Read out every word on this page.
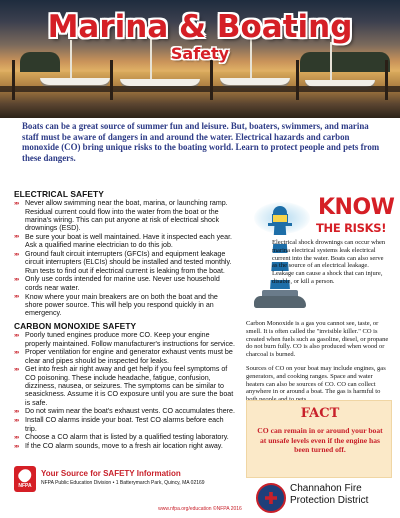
Marina & Boating
Safety
Boats can be a great source of summer fun and leisure. But, boaters, swimmers, and marina staff must be aware of dangers in and around the water. Electrical hazards and carbon monoxide (CO) bring unique risks to the boating world. Learn to protect people and pets from these dangers.
ELECTRICAL SAFETY
»» Never allow swimming near the boat, marina, or launching ramp. Residual current could flow into the water from the boat or the marina's wiring. This can put anyone at risk of electrical shock drownings (ESD).
»» Be sure your boat is well maintained. Have it inspected each year. Ask a qualified marine electrician to do this job.
»» Ground fault circuit interrupters (GFCIs) and equipment leakage circuit interrupters (ELCIs) should be installed and tested monthly. Run tests to find out if electrical current is leaking from the boat.
»» Only use cords intended for marine use. Never use household cords near water.
»» Know where your main breakers are on both the boat and the shore power source. This will help you respond quickly in an emergency.
CARBON MONOXIDE SAFETY
»» Poorly tuned engines produce more CO. Keep your engine properly maintained. Follow manufacturer's instructions for service.
»» Proper ventilation for engine and generator exhaust vents must be clear and pipes should be inspected for leaks.
»» Get into fresh air right away and get help if you feel symptoms of CO poisoning. These include headache, fatigue, confusion, dizziness, nausea, or seizures. The symptoms can be similar to seasickness. Assume it is CO exposure until you are sure the boat is safe.
»» Do not swim near the boat's exhaust vents. CO accumulates there.
»» Install CO alarms inside your boat. Test CO alarms before each trip.
»» Choose a CO alarm that is listed by a qualified testing laboratory.
»» If the CO alarm sounds, move to a fresh air location right away.
KNOW
THE RISKS!
Electrical shock drownings can occur when marina electrical systems leak electrical current into the water. Boats can also serve as the source of an electrical leakage. Leakage can cause a shock that can injure, disable, or kill a person.

Carbon Monoxide is a gas you cannot see, taste, or smell. It is often called the "invisible killer." CO is created when fuels such as gasoline, diesel, or propane do not burn fully. CO is also produced when wood or charcoal is burned.

Sources of CO on your boat may include engines, gas generators, and cooking ranges. Space and water heaters can also be sources of CO. CO can collect anywhere in or around a boat. The gas is harmful to

FACT
CO can remain in or around your boat at unsafe levels even if the engine has been turned off.
NFPA
Your Source for SAFETY Information
NFPA Public Education Division • 1 Batterymarch Park, Quincy, MA 02169	Channahon Fire Protection District
www.nfpa.org/education ©NFPA 2016
